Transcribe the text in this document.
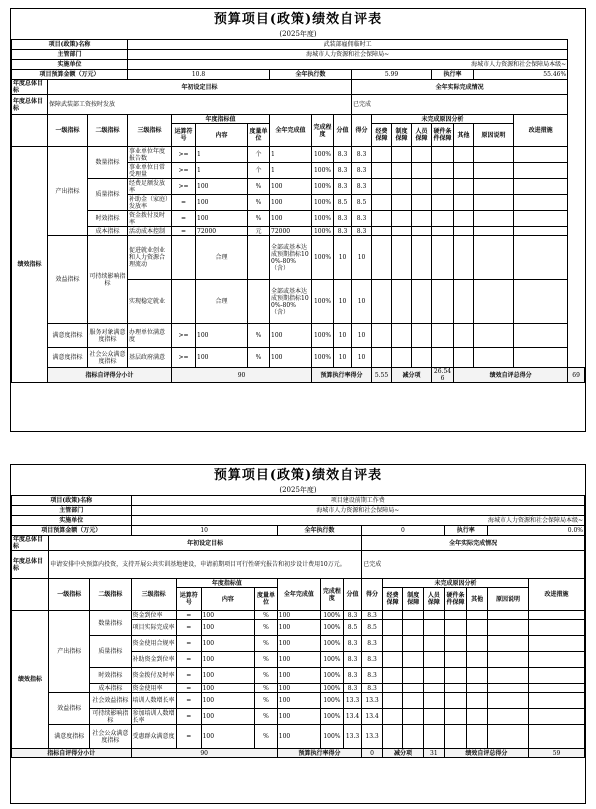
预算项目(政策)绩效自评表
(2025年度)
项目(政策)名称			武装部雇佣临时工															
主管部门			海城市人力资源和社会保障局~															
实施单位			海城市人力资源和社会保障局本级~															
项目预算金额（万元）			10.8				全年执行数			5.99				执行率		55.46%		
年度总体目标	年初设定目标									全年实际完成情况								
年度总体目标	保障武装部工资按时发放									已完成								
	一级指标	二级指标	三级指标	年度指标值			全年完成值	完成程度	分值	得分	未完成原因分析						改进措施	
				运算符号	内容	度量单位					经费保障	制度保障	人员保障	硬件条件保障	其他	原因说明		

绩效指标	产出指标	数量指标	事业单位年度报告数	>=	1	个	1	100%	8.3	8.3								
			事业单位日常受理量	>=	1	个	1	100%	8.3	8.3								
		质量指标	经费足额发放率	>=	100	%	100	100%	8.3	8.3								
			补助金（家庭）发放率	=	100	%	100	100%	8.5	8.5								
		时效指标	资金拨付及时率	=	100	%	100	100%	8.3	8.3								
		成本指标	活动成本控制	=	72000	元	72000	100%	8.3	8.3								
	效益指标	可持续影响指标	促进就业创业和人力资源合理流动		合理		全部或基本达成预期指标100%-80%（含）	100%	10	10								
			实现稳定就业		合理		全部或基本达成预期指标100%-80%（含）	100%	10	10								
	满意度指标	服务对象满意度指标	办理单位满意度	>=	100	%	100	100%	10	10								
	满意度指标	社会公众满意度指标	基层政府满意	>=	100	%	100	100%	10	10								
	指标自评得分小计			90				预算执行率得分			5.55	减分项		26.546	绩效自评总得分			69
预算项目(政策)绩效自评表
(2025年度)
项目(政策)名称			项目建设前期工作费														
主管部门			海城市人力资源和社会保障局~														
实施单位			海城市人力资源和社会保障局本级~														
项目预算金额（万元）			10				全年执行数			0				执行率		0.0%	
年度总体目标	年初设定目标									全年实际完成情况							
年度总体目标	申请安排中央预算内投资，支持开展公共实训基地建设，申请前期项目可行性研究报告和初步设计费用10万元。									已完成							
	一级指标	二级指标	三级指标	年度指标值			全年完成值	完成程度	分值	得分	未完成原因分析						改进措施
				运算符号	内容	度量单位					经费保障	制度保障	人员保障	硬件条件保障	其他	原因说明	

绩效指标	产出指标	数量指标	资金到位率	=	100	%	100	100%	8.3	8.3							
			项目实际完成率	=	100	%	100	100%	8.5	8.5							
		质量指标	资金使用合规率	=	100	%	100	100%	8.3	8.3							
			补助资金到位率	=	100	%	100	100%	8.3	8.3							
		时效指标	资金拨付及时率	=	100	%	100	100%	8.3	8.3							
		成本指标	资金使用率	=	100	%	100	100%	8.3	8.3							
	效益指标	社会效益指标	培训人数增长率	=	100	%	100	100%	13.3	13.3							
		可持续影响指标	参加培训人数增长率	=	100	%	100	100%	13.4	13.4							
	满意度指标	社会公众满意度指标	受惠群众满意度	=	100	%	100	100%	13.3	13.3							
指标自评得分小计			90				预算执行率得分			0	减分项		31	绩效自评总得分			59
